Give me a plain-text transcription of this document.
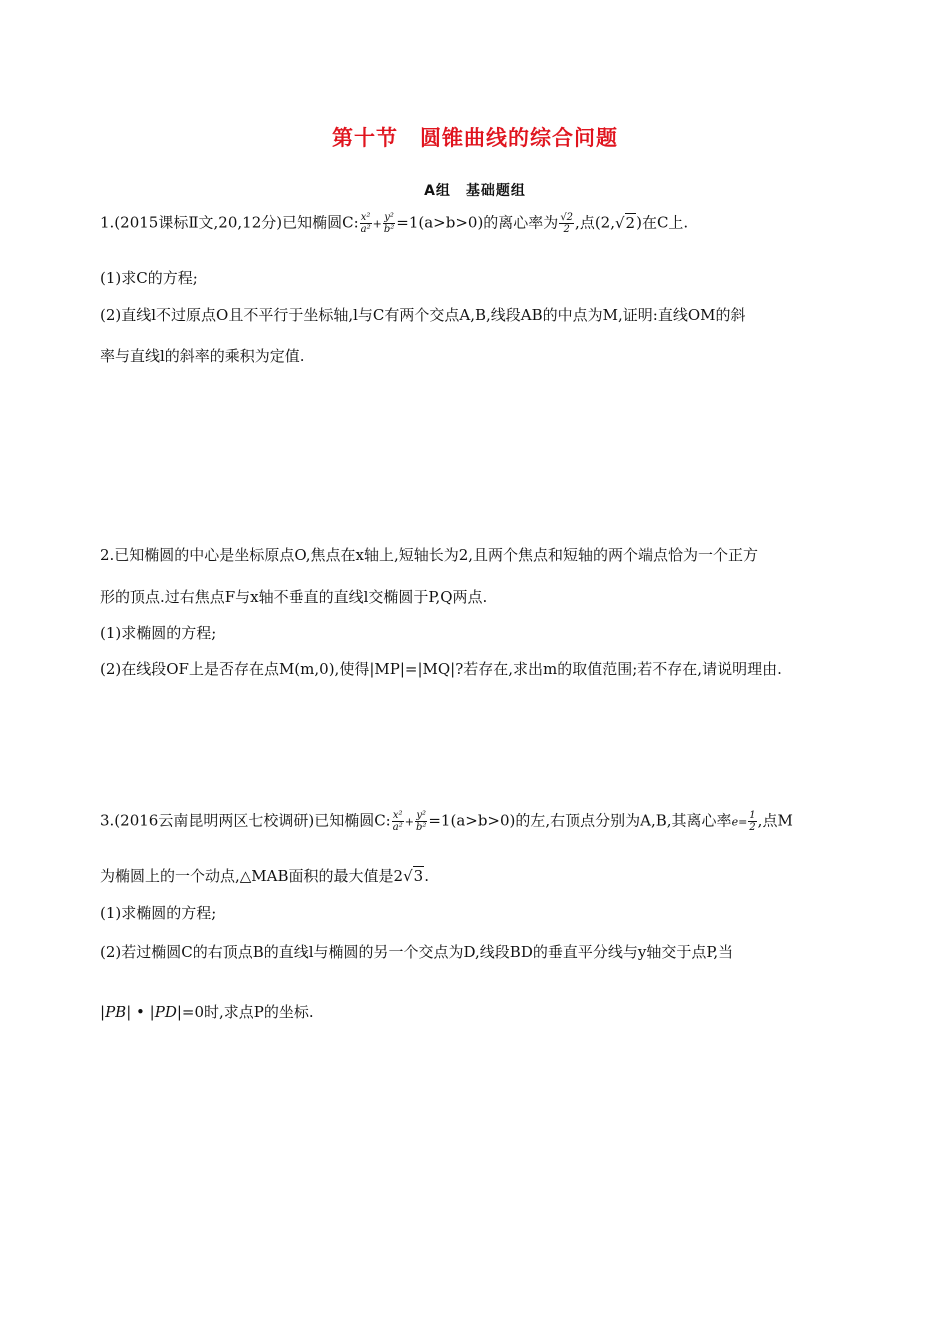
第十节　圆锥曲线的综合问题
A组　基础题组
1.(2015课标Ⅱ文,20,12分)已知椭圆C: $\frac{\text{x²}}{\text{a²}} + \frac{\text{y²}}{\text{b²}} =1(a>b>0)$的离心率为 $\frac{√2}{2}$ ,点(2,√2)在C上.
(1)求C的方程;
(2)直线l不过原点O且不平行于坐标轴,l与C有两个交点A,B,线段AB的中点为M,证明:直线OM的斜
率与直线l的斜率的乘积为定值.
2.已知椭圆的中心是坐标原点O,焦点在x轴上,短轴长为2,且两个焦点和短轴的两个端点恰为一个正方
形的顶点.过右焦点F与x轴不垂直的直线l交椭圆于P,Q两点.
(1)求椭圆的方程;
(2)在线段OF上是否存在点M(m,0),使得|MP|=|MQ|?若存在,求出m的取值范围;若不存在,请说明理由.
3.(2016云南昆明两区七校调研)已知椭圆C: $\frac{\text{x²}}{\text{a²}} + \frac{\text{y²}}{\text{b²}} =1(a>b>0)$的左,右顶点分别为A,B,其离心率$e= \frac{1}{2}$ ,点M
为椭圆上的一个动点,△MAB面积的最大值是2√3.
(1)求椭圆的方程;
(2)若过椭圆C的右顶点B的直线l与椭圆的另一个交点为D,线段BD的垂直平分线与y轴交于点P,当
|PB| • |PD|=0时,求点P的坐标.
